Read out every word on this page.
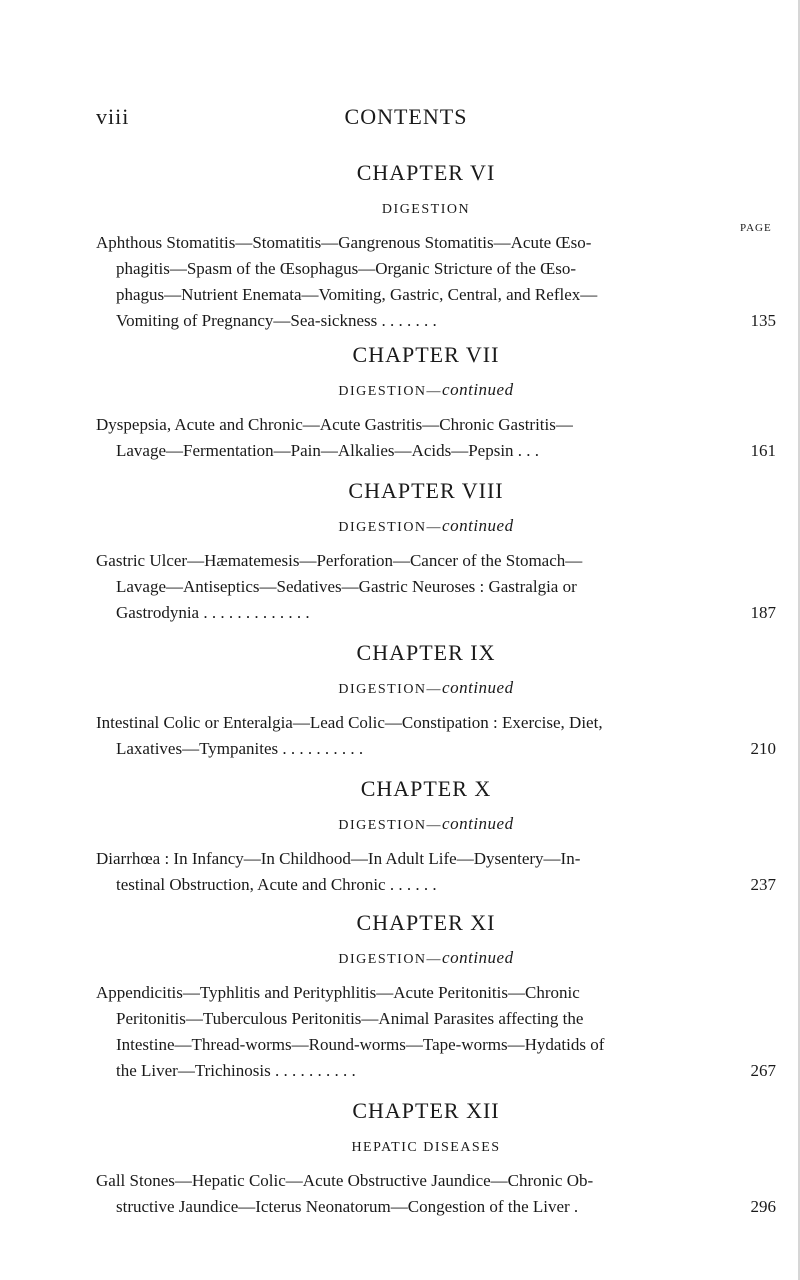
viii	CONTENTS
PAGE
CHAPTER VI
DIGESTION
Aphthous Stomatitis—Stomatitis—Gangrenous Stomatitis—Acute Œso-
phagitis—Spasm of the Œsophagus—Organic Stricture of the Œso-
phagus—Nutrient Enemata—Vomiting, Gastric, Central, and Reflex—
Vomiting of Pregnancy—Sea-sickness . . . . . . .	135
CHAPTER VII
DIGESTION—continued
Dyspepsia, Acute and Chronic—Acute Gastritis—Chronic Gastritis—
Lavage—Fermentation—Pain—Alkalies—Acids—Pepsin . . .	161
CHAPTER VIII
DIGESTION—continued
Gastric Ulcer—Hæmatemesis—Perforation—Cancer of the Stomach—
Lavage—Antiseptics—Sedatives—Gastric Neuroses : Gastralgia or
Gastrodynia . . . . . . . . . . . . .	187
CHAPTER IX
DIGESTION—continued
Intestinal Colic or Enteralgia—Lead Colic—Constipation : Exercise, Diet,
Laxatives—Tympanites . . . . . . . . . .	210
CHAPTER X
DIGESTION—continued
Diarrhœa : In Infancy—In Childhood—In Adult Life—Dysentery—In-
testinal Obstruction, Acute and Chronic . . . . . .	237
CHAPTER XI
DIGESTION—continued
Appendicitis—Typhlitis and Perityphlitis—Acute Peritonitis—Chronic
Peritonitis—Tuberculous Peritonitis—Animal Parasites affecting the
Intestine—Thread-worms—Round-worms—Tape-worms—Hydatids of
the Liver—Trichinosis . . . . . . . . . .	267
CHAPTER XII
HEPATIC DISEASES
Gall Stones—Hepatic Colic—Acute Obstructive Jaundice—Chronic Ob-
structive Jaundice—Icterus Neonatorum—Congestion of the Liver .	296
